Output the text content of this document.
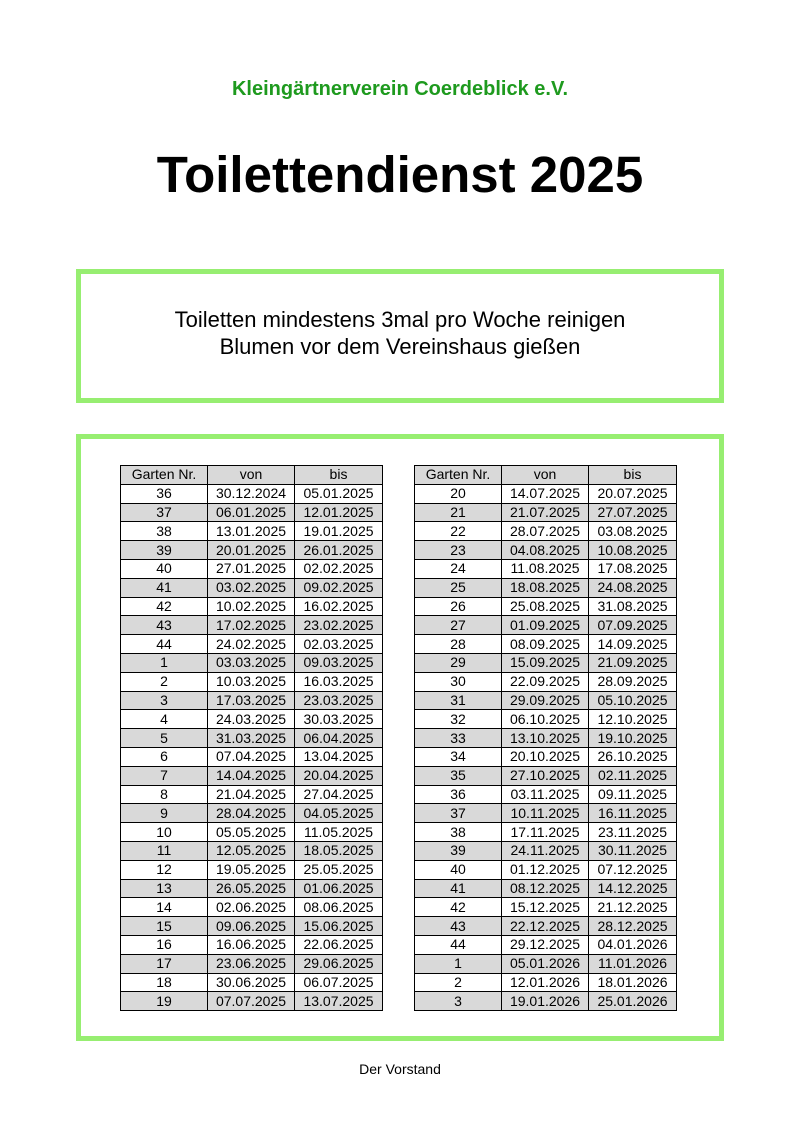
Kleingärtnerverein Coerdeblick e.V.
Toilettendienst 2025
Toiletten mindestens 3mal pro Woche reinigen
Blumen vor dem Vereinshaus gießen
Garten Nr.	von	bis
36	30.12.2024	05.01.2025
37	06.01.2025	12.01.2025
38	13.01.2025	19.01.2025
39	20.01.2025	26.01.2025
40	27.01.2025	02.02.2025
41	03.02.2025	09.02.2025
42	10.02.2025	16.02.2025
43	17.02.2025	23.02.2025
44	24.02.2025	02.03.2025
1	03.03.2025	09.03.2025
2	10.03.2025	16.03.2025
3	17.03.2025	23.03.2025
4	24.03.2025	30.03.2025
5	31.03.2025	06.04.2025
6	07.04.2025	13.04.2025
7	14.04.2025	20.04.2025
8	21.04.2025	27.04.2025
9	28.04.2025	04.05.2025
10	05.05.2025	11.05.2025
11	12.05.2025	18.05.2025
12	19.05.2025	25.05.2025
13	26.05.2025	01.06.2025
14	02.06.2025	08.06.2025
15	09.06.2025	15.06.2025
16	16.06.2025	22.06.2025
17	23.06.2025	29.06.2025
18	30.06.2025	06.07.2025
19	07.07.2025	13.07.2025
Garten Nr.	von	bis
20	14.07.2025	20.07.2025
21	21.07.2025	27.07.2025
22	28.07.2025	03.08.2025
23	04.08.2025	10.08.2025
24	11.08.2025	17.08.2025
25	18.08.2025	24.08.2025
26	25.08.2025	31.08.2025
27	01.09.2025	07.09.2025
28	08.09.2025	14.09.2025
29	15.09.2025	21.09.2025
30	22.09.2025	28.09.2025
31	29.09.2025	05.10.2025
32	06.10.2025	12.10.2025
33	13.10.2025	19.10.2025
34	20.10.2025	26.10.2025
35	27.10.2025	02.11.2025
36	03.11.2025	09.11.2025
37	10.11.2025	16.11.2025
38	17.11.2025	23.11.2025
39	24.11.2025	30.11.2025
40	01.12.2025	07.12.2025
41	08.12.2025	14.12.2025
42	15.12.2025	21.12.2025
43	22.12.2025	28.12.2025
44	29.12.2025	04.01.2026
1	05.01.2026	11.01.2026
2	12.01.2026	18.01.2026
3	19.01.2026	25.01.2026
Der Vorstand
